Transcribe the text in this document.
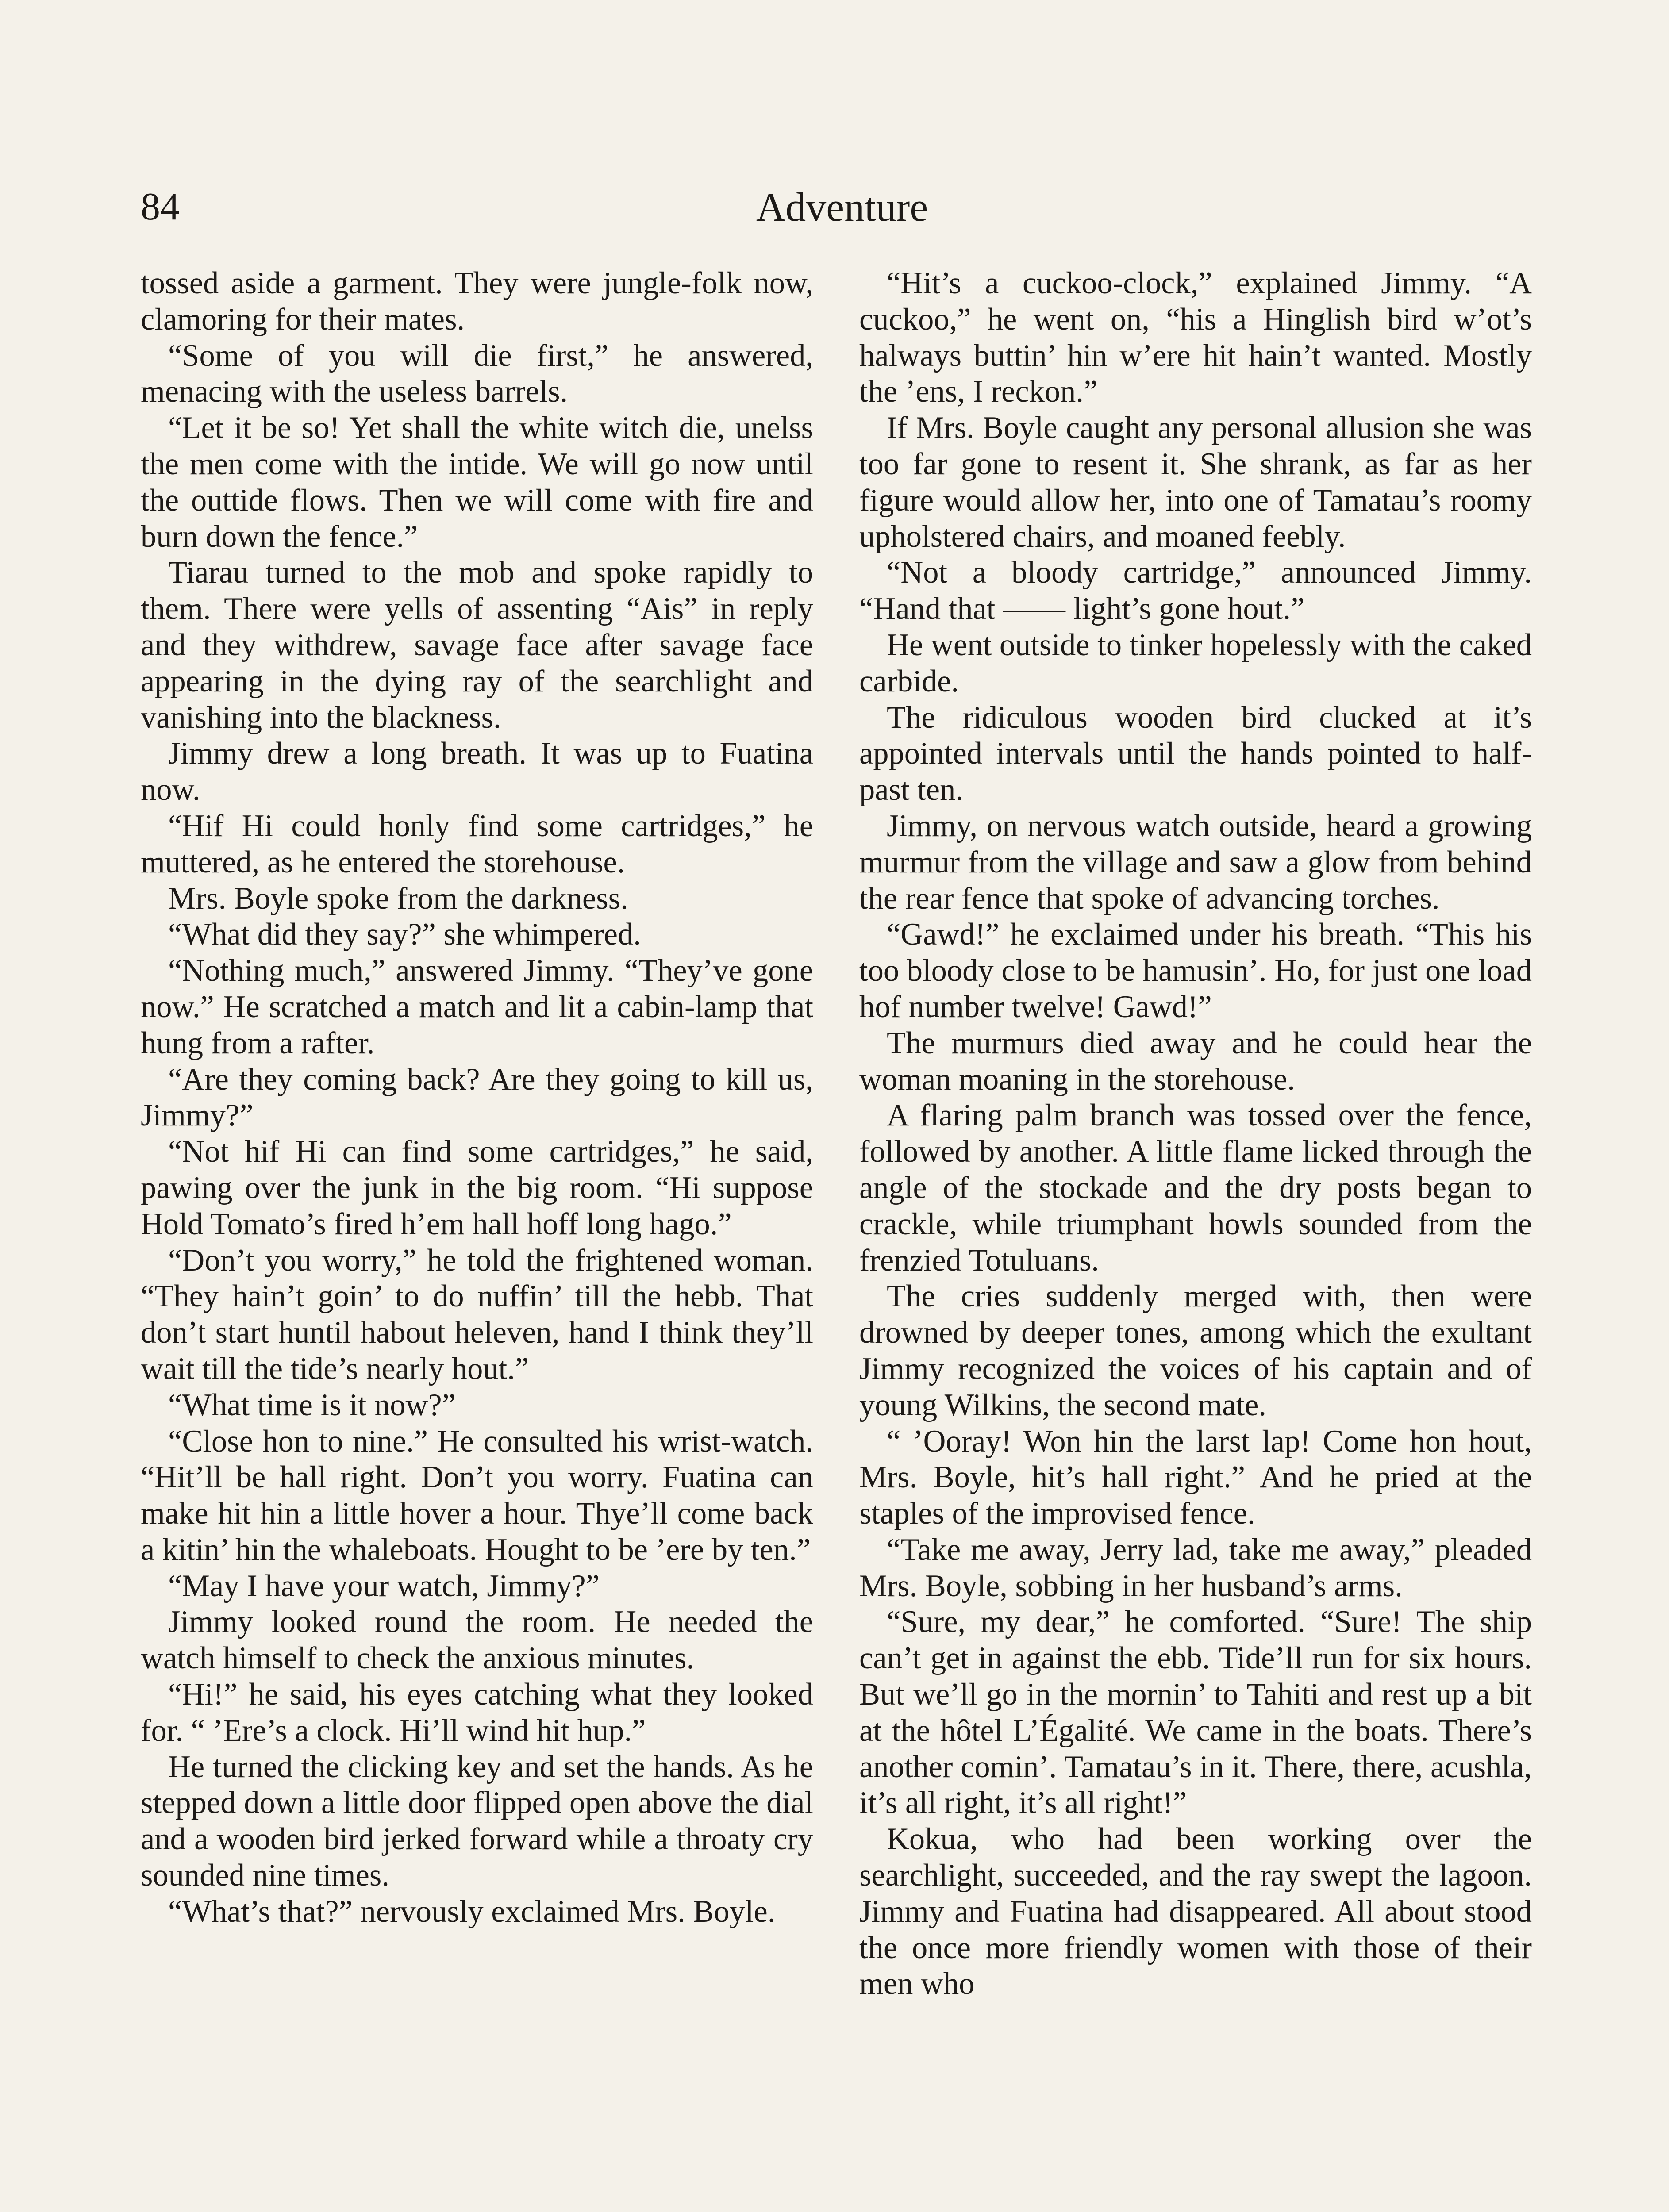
84	Adventure

tossed aside a garment. They were jungle-folk now, clamoring for their mates.

“Some of you will die first,” he answered, menacing with the useless barrels.

“Let it be so! Yet shall the white witch die, unelss the men come with the intide. We will go now until the outtide flows. Then we will come with fire and burn down the fence.”

Tiarau turned to the mob and spoke rapidly to them. There were yells of assenting “Ais” in reply and they withdrew, savage face after savage face appearing in the dying ray of the searchlight and vanishing into the blackness.

Jimmy drew a long breath. It was up to Fuatina now.

“Hif Hi could honly find some cartridges,” he muttered, as he entered the storehouse.

Mrs. Boyle spoke from the darkness.

“What did they say?” she whimpered.

“Nothing much,” answered Jimmy. “They’ve gone now.” He scratched a match and lit a cabin-lamp that hung from a rafter.

“Are they coming back? Are they going to kill us, Jimmy?”

“Not hif Hi can find some cartridges,” he said, pawing over the junk in the big room. “Hi suppose Hold Tomato’s fired h’em hall hoff long hago.”

“Don’t you worry,” he told the frightened woman. “They hain’t goin’ to do nuffin’ till the hebb. That don’t start huntil habout heleven, hand I think they’ll wait till the tide’s nearly hout.”

“What time is it now?”

“Close hon to nine.” He consulted his wrist-watch. “Hit’ll be hall right. Don’t you worry. Fuatina can make hit hin a little hover a hour. Thye’ll come back a kitin’ hin the whaleboats. Hought to be ’ere by ten.”

“May I have your watch, Jimmy?”

Jimmy looked round the room. He needed the watch himself to check the anxious minutes.

“Hi!” he said, his eyes catching what they looked for. “ ’Ere’s a clock. Hi’ll wind hit hup.”

He turned the clicking key and set the hands. As he stepped down a little door flipped open above the dial and a wooden bird jerked forward while a throaty cry sounded nine times.

“What’s that?” nervously exclaimed Mrs. Boyle.

“Hit’s a cuckoo-clock,” explained Jimmy. “A cuckoo,” he went on, “his a Hinglish bird w’ot’s halways buttin’ hin w’ere hit hain’t wanted. Mostly the ’ens, I reckon.”

If Mrs. Boyle caught any personal allusion she was too far gone to resent it. She shrank, as far as her figure would allow her, into one of Tamatau’s roomy upholstered chairs, and moaned feebly.

“Not a bloody cartridge,” announced Jimmy. “Hand that —— light’s gone hout.”

He went outside to tinker hopelessly with the caked carbide.

The ridiculous wooden bird clucked at it’s appointed intervals until the hands pointed to half-past ten.

Jimmy, on nervous watch outside, heard a growing murmur from the village and saw a glow from behind the rear fence that spoke of advancing torches.

“Gawd!” he exclaimed under his breath. “This his too bloody close to be hamusin’. Ho, for just one load hof number twelve! Gawd!”

The murmurs died away and he could hear the woman moaning in the storehouse.

A flaring palm branch was tossed over the fence, followed by another. A little flame licked through the angle of the stockade and the dry posts began to crackle, while triumphant howls sounded from the frenzied Totuluans.

The cries suddenly merged with, then were drowned by deeper tones, among which the exultant Jimmy recognized the voices of his captain and of young Wilkins, the second mate.

“ ’Ooray! Won hin the larst lap! Come hon hout, Mrs. Boyle, hit’s hall right.” And he pried at the staples of the improvised fence.

“Take me away, Jerry lad, take me away,” pleaded Mrs. Boyle, sobbing in her husband’s arms.

“Sure, my dear,” he comforted. “Sure! The ship can’t get in against the ebb. Tide’ll run for six hours. But we’ll go in the mornin’ to Tahiti and rest up a bit at the hôtel L’Égalité. We came in the boats. There’s another comin’. Tamatau’s in it. There, there, acushla, it’s all right, it’s all right!”

Kokua, who had been working over the searchlight, succeeded, and the ray swept the lagoon. Jimmy and Fuatina had disappeared. All about stood the once more friendly women with those of their men who
